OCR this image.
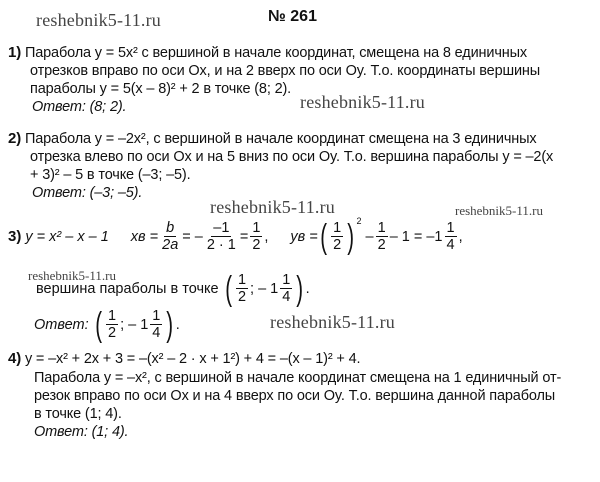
reshebnik5-11.ru
reshebnik5-11.ru
reshebnik5-11.ru	reshebnik5-11.ru
reshebnik5-11.ru
reshebnik5-11.ru
№ 261
1) Парабола y = 5x² с вершиной в начале координат, смещена на 8 единичных
отрезков вправо по оси Ox, и на 2 вверх по оси Oy. Т.о. координаты вершины
параболы y = 5(x – 8)² + 2 в точке (8; 2).
Ответ: (8; 2).
2) Парабола y = –2x², с вершиной в начале координат смещена на 3 единичных
отрезка влево по оси Ox и на 5 вниз по оси Oy. Т.о. вершина параболы y = –2(x
+ 3)² – 5 в точке (–3; –5).
Ответ: (–3; –5).
3)
y = x² – x – 1 xв = $\frac{b}{2a}$ = – $\frac{-1}{2 \cdot 1} = \frac{1}{2}$ , yв = ( $\frac{1}{2}$ ) 2

– $\frac{1}{2} - 1 = -1 \frac{1}{4}$ ,
вершина параболы в точке
( $\frac{1}{2}$ ; – $1 \frac{1}{4}$ ) .
Ответ:
( $\frac{1}{2}$ ; – $1 \frac{1}{4}$ ) .
4) y = –x² + 2x + 3 = –(x² – 2 · x + 1²) + 4 = –(x – 1)² + 4.
Парабола y = –x², с вершиной в начале координат смещена на 1 единичный от-
резок вправо по оси Ox и на 4 вверх по оси Oy. Т.о. вершина данной параболы
в точке (1; 4).
Ответ: (1; 4).
